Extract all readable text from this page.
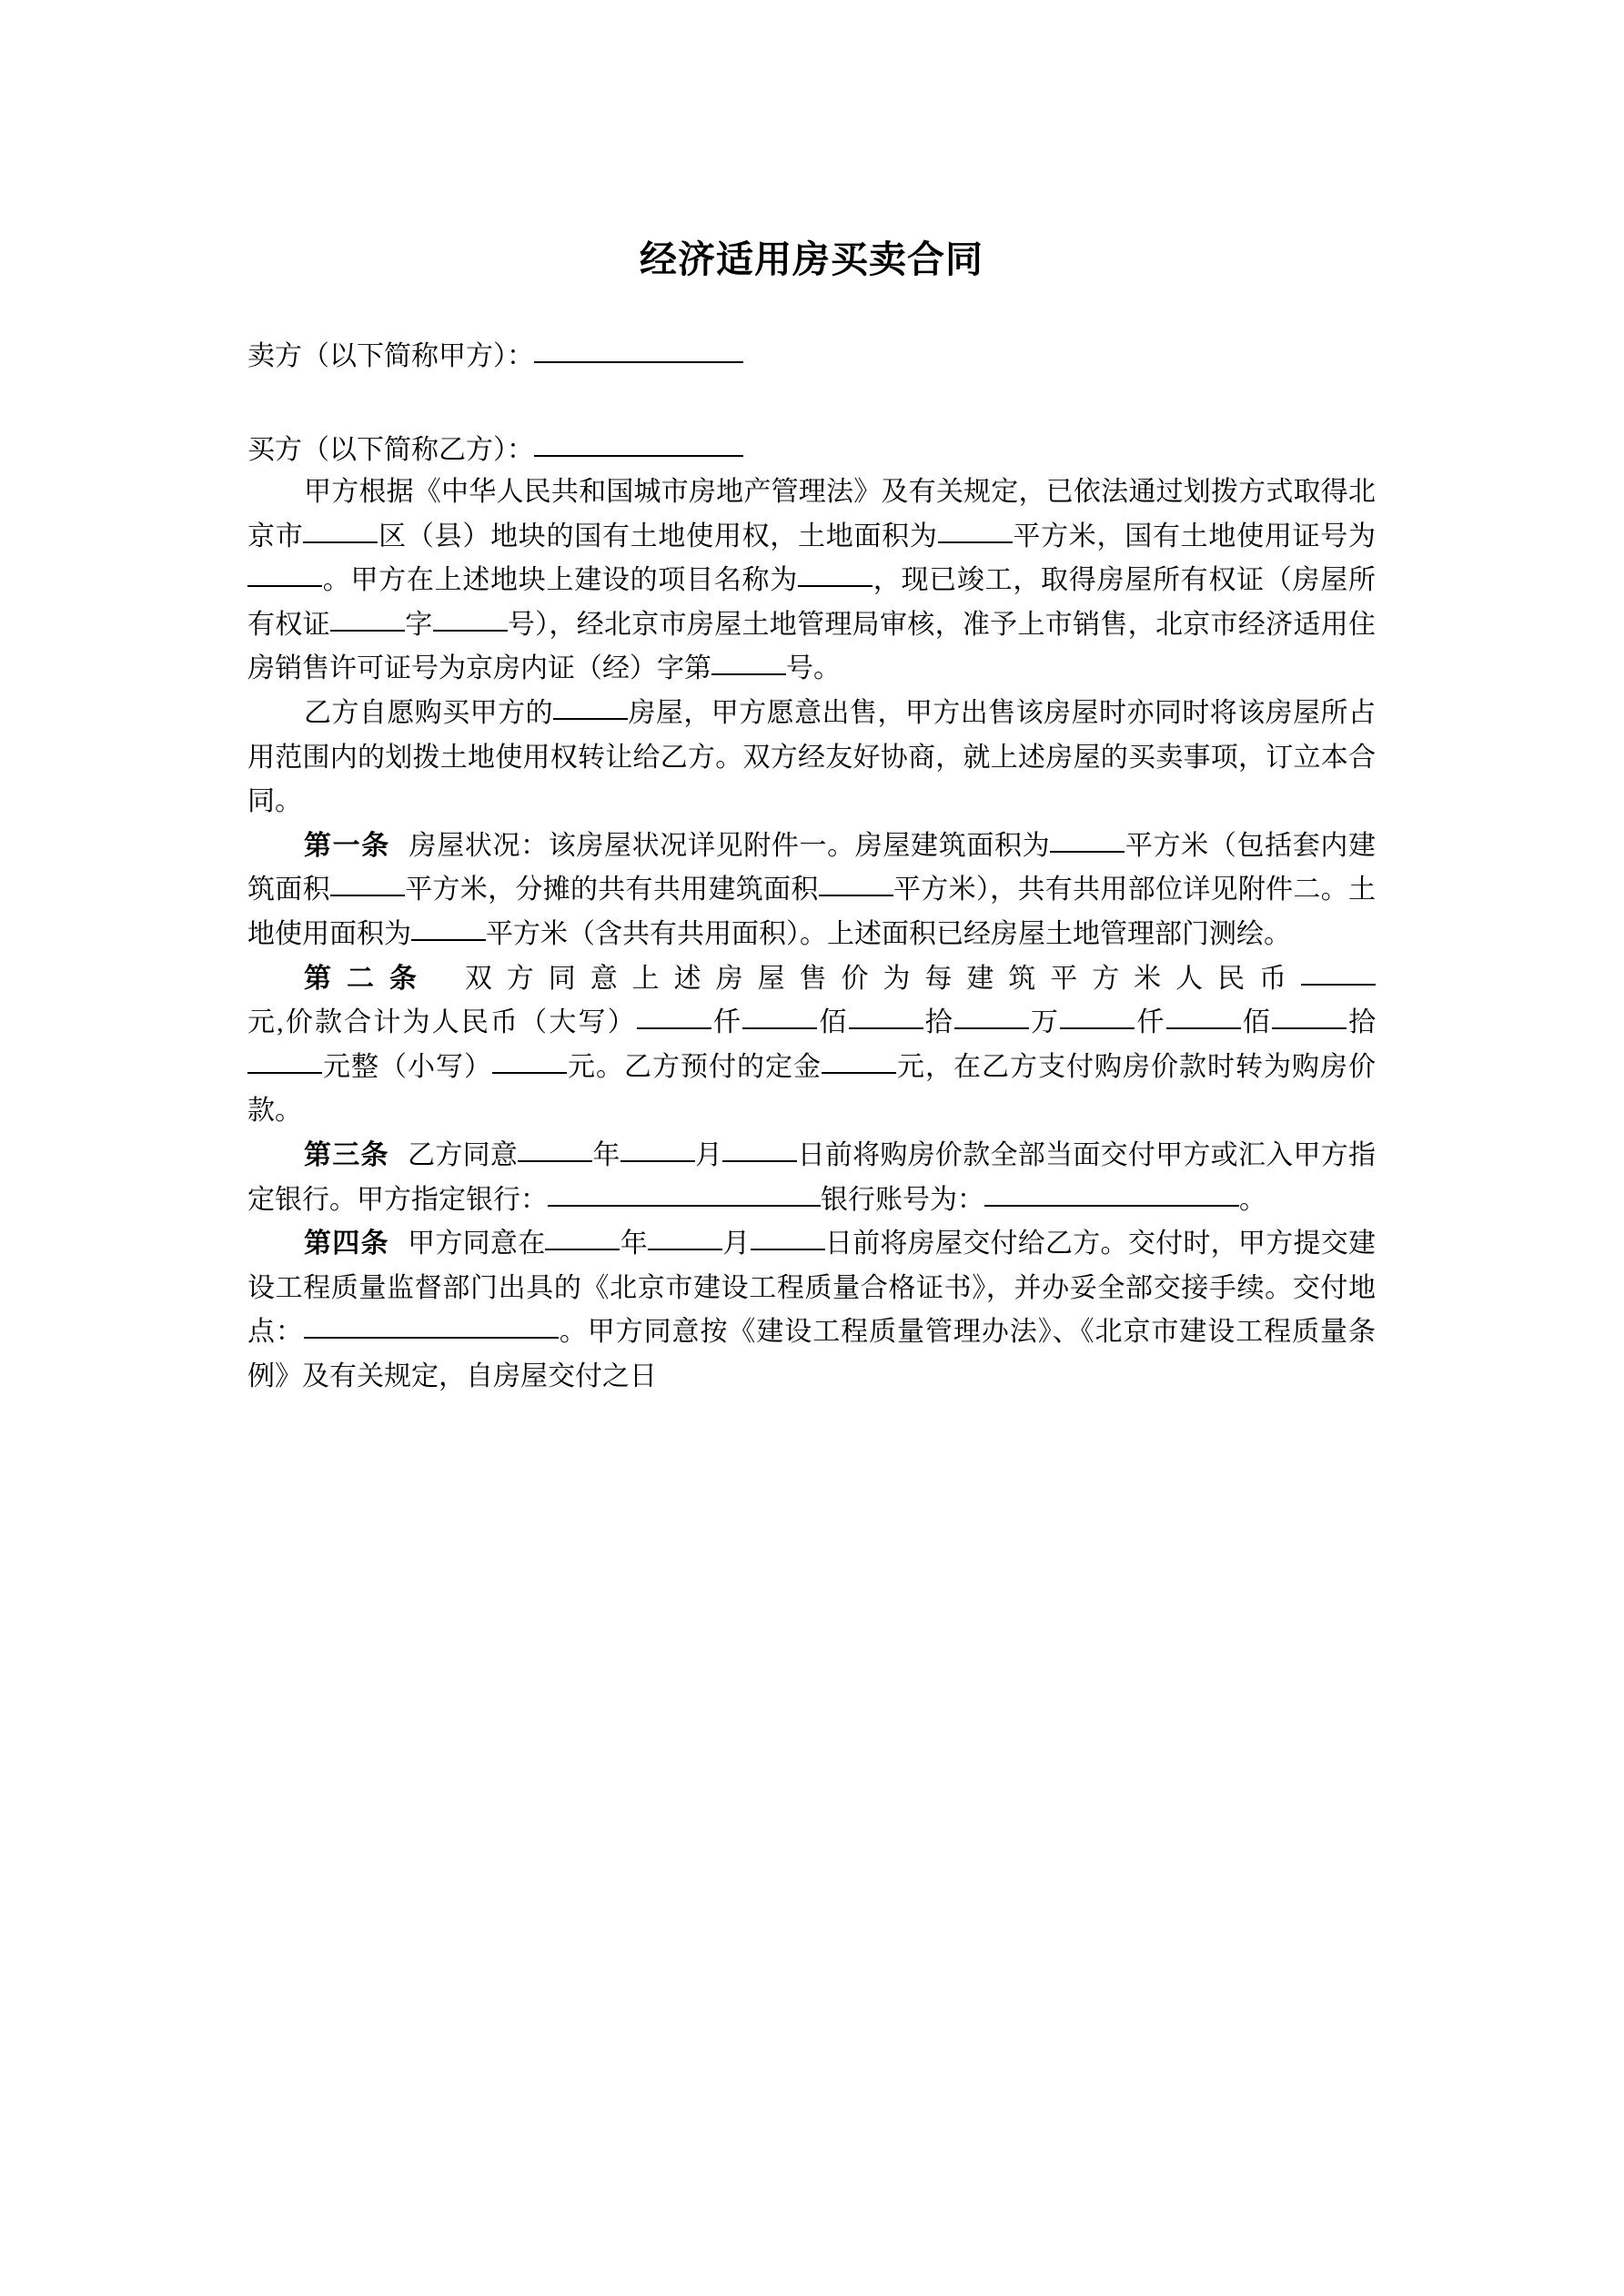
经济适用房买卖合同
卖方（以下简称甲方）：
买方（以下简称乙方）：

甲方根据《中华人民共和国城市房地产管理法》及有关规定，已依法通过划拨方式取得北京市	区（县）地块的国有土地使用权，土地面积为	平方米，国有土地使用证号为。甲方在上述地块上建设的项目名称为	，现已竣工，取得房屋所有权证（房屋所有权证	字	号），经北京市房屋土地管理局审核，准予上市销售，北京市经济适用住房销售许可证号为京房内证（经）字第	号。

乙方自愿购买甲方的	房屋，甲方愿意出售，甲方出售该房屋时亦同时将该房屋所占用范围内的划拨土地使用权转让给乙方。双方经友好协商，就上述房屋的买卖事项，订立本合同。

第一条 房屋状况：该房屋状况详见附件一。房屋建筑面积为	平方米（包括套内建筑面积	平方米，分摊的共有共用建筑面积	平方米），共有共用部位详见附件二。土地使用面积为	平方米（含共有共用面积）。上述面积已经房屋土地管理部门测绘。

第二条 双方同意上述房屋售价为每建筑平方米人民币元,价款合计为人民币（大写）	仟	佰	拾	万	仟	佰	拾元整（小写）	元。乙方预付的定金	元，在乙方支付购房价款时转为购房价款。

第三条 乙方同意	年	月	日前将购房价款全部当面交付甲方或汇入甲方指定银行。甲方指定银行：	银行账号为：	。

第四条 甲方同意在	年	月	日前将房屋交付给乙方。交付时，甲方提交建设工程质量监督部门出具的《北京市建设工程质量合格证书》，并办妥全部交接手续。交付地点：	。甲方同意按《建设工程质量管理办法》、《北京市建设工程质量条例》及有关规定，自房屋交付之日
